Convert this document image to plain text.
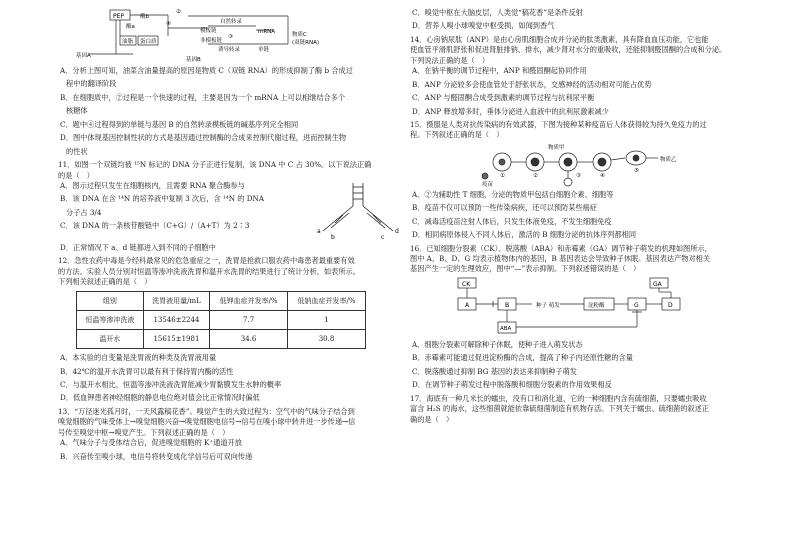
PEP	酶b
基因A
酶a
油脂 蛋白质
②
④	自然转录
模板链	mRNA
非模板链
③
诱导转录	单链
基因B
物质C
(双链RNA)
A．分析上图可知，油菜含油量提高的原因是物质 C（双链 RNA）的形成抑制了酶 b 合成过
程中的翻译阶段
B．在细胞质中，②过程是一个快速的过程，主要是因为一个 mRNA 上可以相继结合多个
核糖体
C．题中④过程得到的单链与基因 B 的自然转录模板链的碱基序列完全相同
D．图中体现基因控制性状的方式是基因通过控制酶的合成来控制代谢过程，进而控制生物
的性状
11．如图一个双链均被 ¹⁵N 标记的 DNA 分子正进行复制，该 DNA 中 C 占 30%。以下说法正确
的是（　）
A．图示过程只发生在细胞核内，且需要 RNA 聚合酶参与
B．该 DNA 在含 ¹⁴N 的培养液中复制 3 次后，含 ¹⁴N 的 DNA
分子占 3/4
C．该 DNA 的一条核苷酸链中（C+G）/（A+T）为 2∶3
a
b	c
d
D．正常情况下 a、d 链都进入到不同的子细胞中
12．急性农药中毒是今经科最常见的危急重症之一，洗胃是抢救口服农药中毒患者最重要有效
的方法。实验人员分别对恒温等渗冲洗液洗胃和温开水洗胃的结果进行了统计分析，如表所示。
下列相关叙述正确的是（　）
组别	洗胃液用量/mL	低钾血症并发率/%	低钠血症并发率/%
恒温等渗冲洗液	13546±2244	7.7	1
温开水	15615±1981	34.6	30.8
A．本实验的自变量是洗胃液的种类及洗胃液用量
B．42℃的温开水洗胃可以最有利于保持胃内酶的活性
C．与温开水相比，恒温等渗冲洗液洗胃能减少胃黏膜发生水肿的概率
D．低血钾患者神经细胞的静息电位绝对值会比正常情况时偏低
13．“万径迷光孤月时，一天风露稿花香”。嗅觉产生的大致过程为：空气中的气味分子结合到
嗅觉细胞的气味受体上→嗅觉细胞兴奋→嗅觉细胞电信号→信号在嗅小球中转并进一步传递→信
号传至嗅觉中枢→嗅觉产生。下列叙述正确的是（　）
A．气味分子与受体结合后，促进嗅觉细胞的 K⁺通道开放
B．兴奋传至嗅小球，电信号将转变成化学信号后可双向传递
C．嗅觉中枢在大脑皮层，人类觉“稿花香”是条件反射
D．营养人嗅小球嗅觉中枢受损，如闻到香气
14．心房钠尿肽（ANP）是由心房肌细胞合成并分泌的肽类激素，具有降血血压功能，它也能
使血管平滑肌舒张和促进肾脏排钠、排水，减少肾对水分的重吸收，还能抑制醛固酮的合成和分泌。
下列说法正确的是（　）
A．在钠平衡的调节过程中，ANP 和醛固酮起协同作用
B．ANP 分泌较多会使血管处于舒张状态，交感神经的活动相对可能占优势
C．ANP 与醛固酮合成受到激素的调节过程与抗利尿平衡
D．ANP 释放增多时，垂体分泌进入血液中的抗利尿激素减少
15．摄服是人类对抗传染病的有效武器，下图为接种某种疫苗后人体获得较为持久免疫力的过
程。下列叙述正确的是（　）
物质甲
①	②	③	④
⑤
物质乙
疫苗
A．②为辅助性 T 细胞，分泌的物质甲包括白细胞介素、细胞等
B．疫苗不仅可以预防一些传染病疾，还可以预防某些癌症
C．减毒活疫苗注射人体后，只发生体液免疫，不发生细胞免疫
D．相同病原体侵入不同人体后，激活的 B 细胞分泌的抗体序列都相同
16．已知细胞分裂素（CK）、脱落酸（ABA）和赤霉素（GA）调节种子萌发的机理如图所示，
图中 A、B、D、G 均表示植物体内的基因，B 基因表达会导致种子休眠。基因表达产物对相关
基因产生一定的生理效应，图中“—”表示抑制。下列叙述错误的是（　）
CK	GA
A	B	种子 萌发	淀粉酶	G	D
ABA
A．细胞分裂素可解除种子休眠，使种子进入萌发状态
B．赤霉素可能通过促进淀粉酶的合成，提高了种子内还原性糖的含量
C．脱落酸通过抑制 BG 基因的表达来抑制种子萌发
D．在调节种子萌发过程中脱落酸和细胞分裂素的作用效果相反
17．海底有一种几米长的蠕虫，没有口和消化道，它的一种细胞内含有硫细菌，只要蠕虫吸收
富含 H₂S 的海水，这些细菌就能依靠硫细菌制造有机物存活。下列关于蠕虫、硫细菌的叙述正
确的是（　）
